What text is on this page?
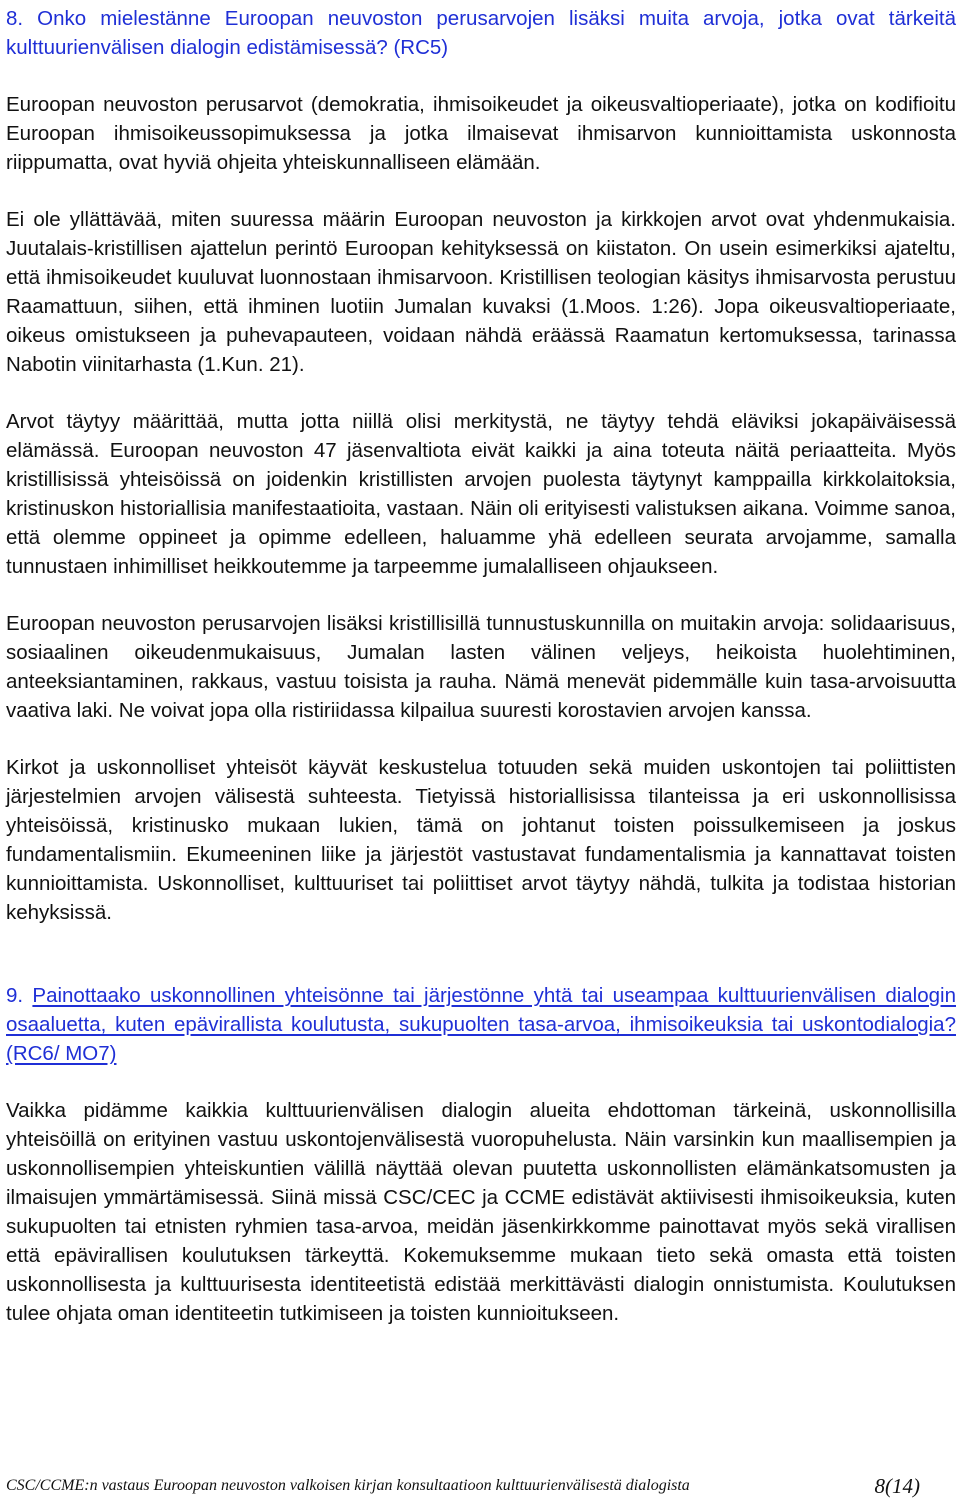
8. Onko mielestänne Euroopan neuvoston perusarvojen lisäksi muita arvoja, jotka ovat tärkeitä kulttuurienvälisen dialogin edistämisessä? (RC5)

Euroopan neuvoston perusarvot (demokratia, ihmisoikeudet ja oikeusvaltioperiaate), jotka on kodifioitu Euroopan ihmisoikeussopimuksessa ja jotka ilmaisevat ihmisarvon kunnioittamista uskonnosta riippumatta, ovat hyviä ohjeita yhteiskunnalliseen elämään.

Ei ole yllättävää, miten suuressa määrin Euroopan neuvoston ja kirkkojen arvot ovat yhdenmukaisia. Juutalais-kristillisen ajattelun perintö Euroopan kehityksessä on kiistaton. On usein esimerkiksi ajateltu, että ihmisoikeudet kuuluvat luonnostaan ihmisarvoon. Kristillisen teologian käsitys ihmisarvosta perustuu Raamattuun, siihen, että ihminen luotiin Jumalan kuvaksi (1.Moos. 1:26). Jopa oikeusvaltioperiaate, oikeus omistukseen ja puhevapauteen, voidaan nähdä eräässä Raamatun kertomuksessa, tarinassa Nabotin viinitarhasta (1.Kun. 21).

Arvot täytyy määrittää, mutta jotta niillä olisi merkitystä, ne täytyy tehdä eläviksi jokapäiväisessä elämässä. Euroopan neuvoston 47 jäsenvaltiota eivät kaikki ja aina toteuta näitä periaatteita. Myös kristillisissä yhteisöissä on joidenkin kristillisten arvojen puolesta täytynyt kamppailla kirkkolaitoksia, kristinuskon historiallisia manifestaatioita, vastaan. Näin oli erityisesti valistuksen aikana. Voimme sanoa, että olemme oppineet ja opimme edelleen, haluamme yhä edelleen seurata arvojamme, samalla tunnustaen inhimilliset heikkoutemme ja tarpeemme jumalalliseen ohjaukseen.

Euroopan neuvoston perusarvojen lisäksi kristillisillä tunnustuskunnilla on muitakin arvoja: solidaarisuus, sosiaalinen oikeudenmukaisuus, Jumalan lasten välinen veljeys, heikoista huolehtiminen, anteeksiantaminen, rakkaus, vastuu toisista ja rauha. Nämä menevät pidemmälle kuin tasa-arvoisuutta vaativa laki. Ne voivat jopa olla ristiriidassa kilpailua suuresti korostavien arvojen kanssa.

Kirkot ja uskonnolliset yhteisöt käyvät keskustelua totuuden sekä muiden uskontojen tai poliittisten järjestelmien arvojen välisestä suhteesta. Tietyissä historiallisissa tilanteissa ja eri uskonnollisissa yhteisöissä, kristinusko mukaan lukien, tämä on johtanut toisten poissulkemiseen ja joskus fundamentalismiin. Ekumeeninen liike ja järjestöt vastustavat fundamentalismia ja kannattavat toisten kunnioittamista. Uskonnolliset, kulttuuriset tai poliittiset arvot täytyy nähdä, tulkita ja todistaa historian kehyksissä.

9. Painottaako uskonnollinen yhteisönne tai järjestönne yhtä tai useampaa kulttuurienvälisen dialogin osaaluetta, kuten epävirallista koulutusta, sukupuolten tasa-arvoa, ihmisoikeuksia tai uskontodialogia? (RC6/ MO7)

Vaikka pidämme kaikkia kulttuurienvälisen dialogin alueita ehdottoman tärkeinä, uskonnollisilla yhteisöillä on erityinen vastuu uskontojenvälisestä vuoropuhelusta. Näin varsinkin kun maallisempien ja uskonnollisempien yhteiskuntien välillä näyttää olevan puutetta uskonnollisten elämänkatsomusten ja ilmaisujen ymmärtämisessä. Siinä missä CSC/CEC ja CCME edistävät aktiivisesti ihmisoikeuksia, kuten sukupuolten tai etnisten ryhmien tasa-arvoa, meidän jäsenkirkkomme painottavat myös sekä virallisen että epävirallisen koulutuksen tärkeyttä. Kokemuksemme mukaan tieto sekä omasta että toisten uskonnollisesta ja kulttuurisesta identiteetistä edistää merkittävästi dialogin onnistumista. Koulutuksen tulee ohjata oman identiteetin tutkimiseen ja toisten kunnioitukseen.

CSC/CCME:n vastaus Euroopan neuvoston valkoisen kirjan konsultaatioon kulttuurienvälisestä dialogista	8(14)
